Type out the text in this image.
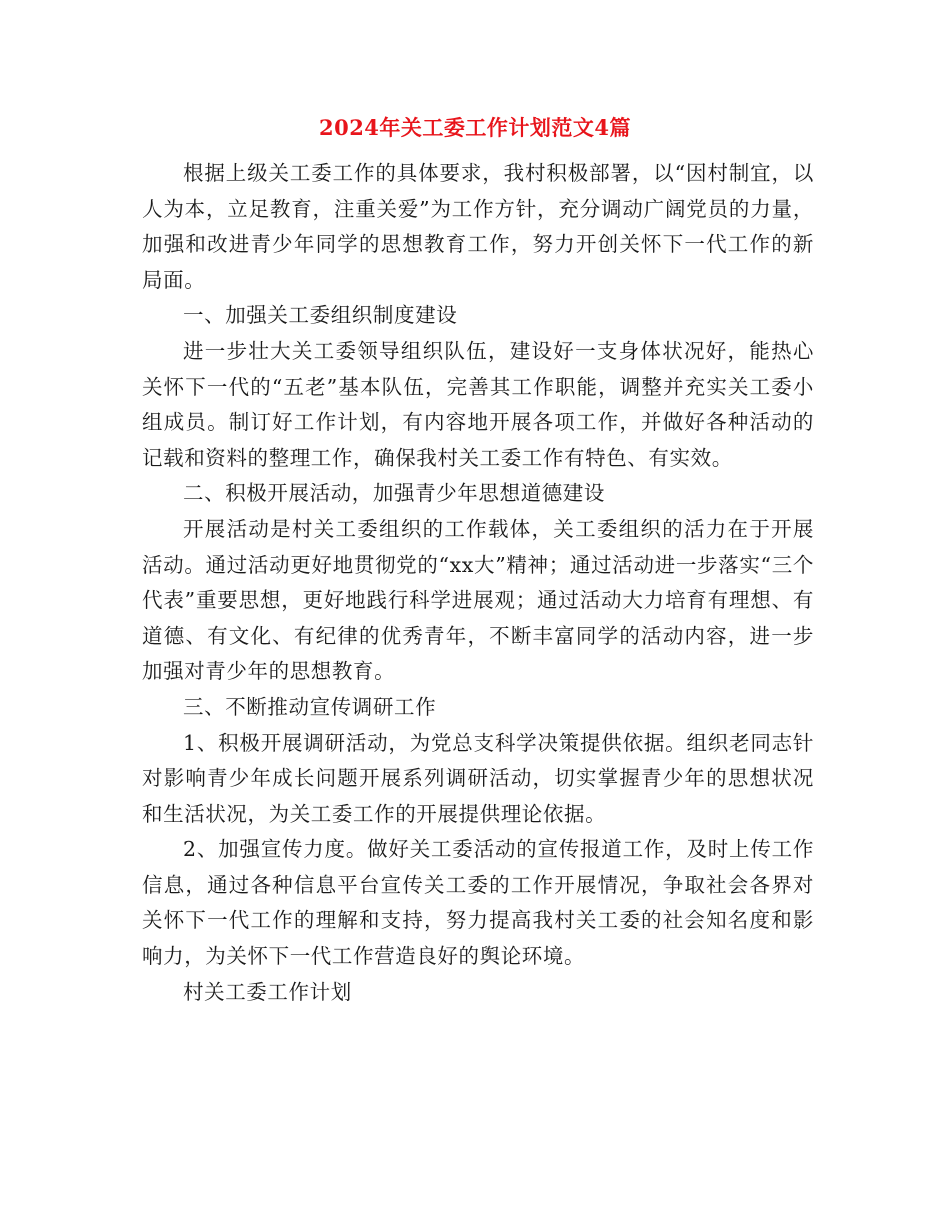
2024年关工委工作计划范文4篇

根据上级关工委工作的具体要求，我村积极部署，以“因村制宜，以人为本，立足教育，注重关爱”为工作方针，充分调动广阔党员的力量，加强和改进青少年同学的思想教育工作，努力开创关怀下一代工作的新局面。

一、加强关工委组织制度建设

进一步壮大关工委领导组织队伍，建设好一支身体状况好，能热心关怀下一代的“五老”基本队伍，完善其工作职能，调整并充实关工委小组成员。制订好工作计划，有内容地开展各项工作，并做好各种活动的记载和资料的整理工作，确保我村关工委工作有特色、有实效。

二、积极开展活动，加强青少年思想道德建设

开展活动是村关工委组织的工作载体，关工委组织的活力在于开展活动。通过活动更好地贯彻党的“xx大”精神；通过活动进一步落实“三个代表”重要思想，更好地践行科学进展观；通过活动大力培育有理想、有道德、有文化、有纪律的优秀青年，不断丰富同学的活动内容，进一步加强对青少年的思想教育。

三、不断推动宣传调研工作

1、积极开展调研活动，为党总支科学决策提供依据。组织老同志针对影响青少年成长问题开展系列调研活动，切实掌握青少年的思想状况和生活状况，为关工委工作的开展提供理论依据。

2、加强宣传力度。做好关工委活动的宣传报道工作，及时上传工作信息，通过各种信息平台宣传关工委的工作开展情况，争取社会各界对关怀下一代工作的理解和支持，努力提高我村关工委的社会知名度和影响力，为关怀下一代工作营造良好的舆论环境。

村关工委工作计划
